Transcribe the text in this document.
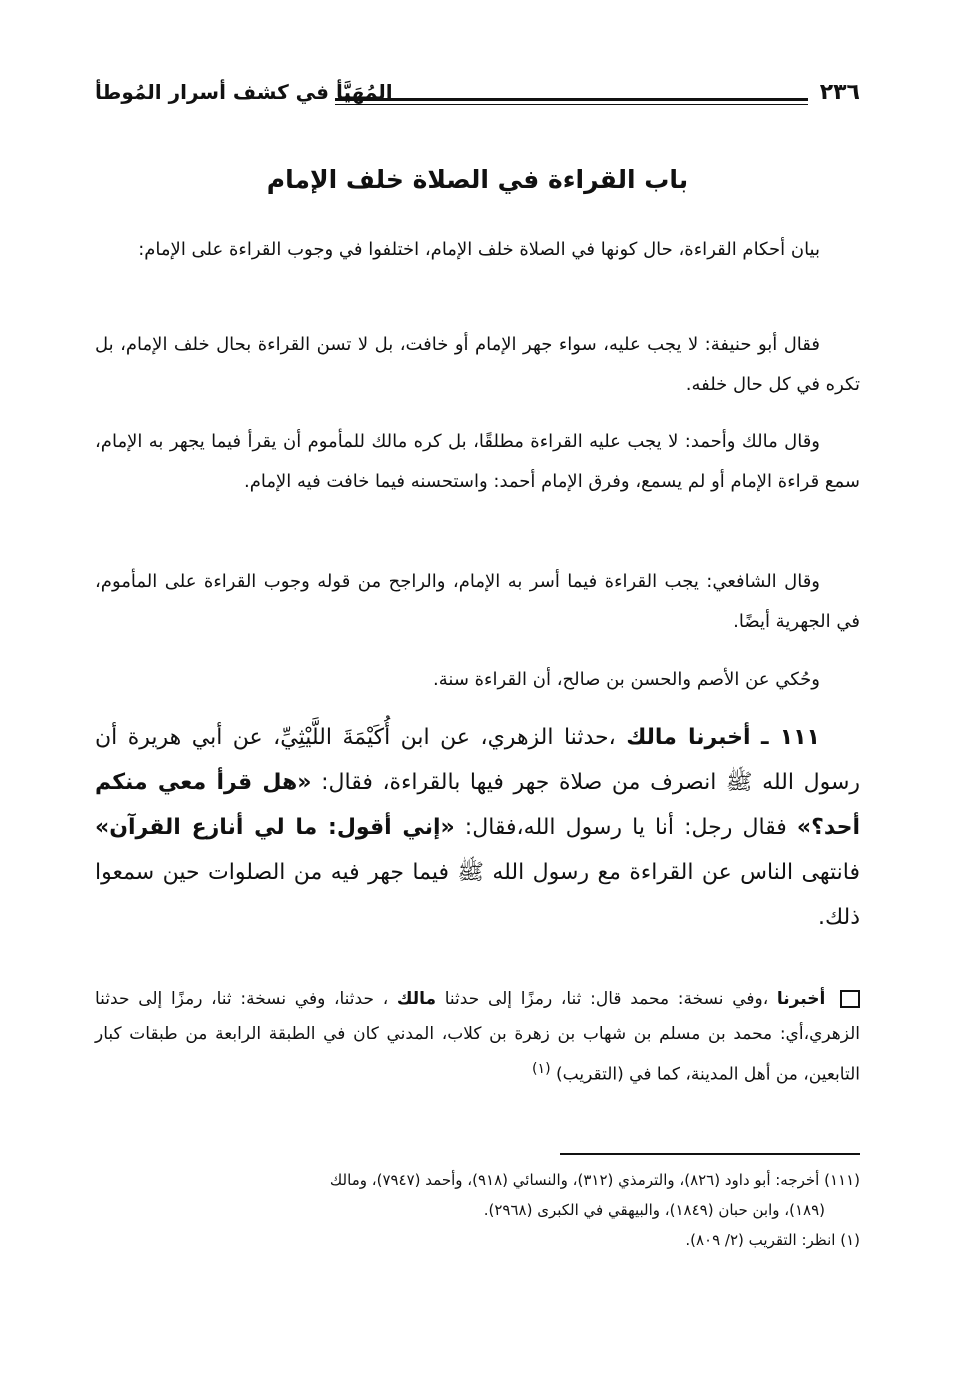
٢٣٦
المُهَيَّأ في كشف أسرار المُوطأ
باب القراءة في الصلاة خلف الإمام
بيان أحكام القراءة، حال كونها في الصلاة خلف الإمام، اختلفوا في وجوب القراءة على الإمام:
فقال أبو حنيفة: لا يجب عليه، سواء جهر الإمام أو خافت، بل لا تسن القراءة بحال خلف الإمام، بل تكره في كل حال خلفه.
وقال مالك وأحمد: لا يجب عليه القراءة مطلقًا، بل كره مالك للمأموم أن يقرأ فيما يجهر به الإمام، سمع قراءة الإمام أو لم يسمع، وفرق الإمام أحمد: واستحسنه فيما خافت فيه الإمام.
وقال الشافعي: يجب القراءة فيما أسر به الإمام، والراجح من قوله وجوب القراءة على المأموم، في الجهرية أيضًا.
وحُكي عن الأصم والحسن بن صالح، أن القراءة سنة.
١١١ ـ أخبرنا مالك ،حدثنا الزهري، عن ابن أُكَيْمَةَ اللَّيْثِيِّ، عن أبي هريرة أن رسول الله ﷺ انصرف من صلاة جهر فيها بالقراءة، فقال: «هل قرأ معي منكم أحد؟» فقال رجل: أنا يا رسول الله،فقال: «إني أقول: ما لي أنازع القرآن» فانتهى الناس عن القراءة مع رسول الله ﷺ فيما جهر فيه من الصلوات حين سمعوا ذلك.
أخبرنا ،وفي نسخة: محمد قال: ثنا، رمزًا إلى حدثنا مالك ، حدثنا، وفي نسخة: ثنا، رمزًا إلى حدثنا الزهري،أي: محمد بن مسلم بن شهاب بن زهرة بن كلاب، المدني كان في الطبقة الرابعة من طبقات كبار التابعين، من أهل المدينة، كما في (التقريب) $^{(١)}$
(١١١) أخرجه: أبو داود (٨٢٦)، والترمذي (٣١٢)، والنسائي (٩١٨)، وأحمد (٧٩٤٧)، ومالك
(١٨٩)، وابن حبان (١٨٤٩)، والبيهقي في الكبرى (٢٩٦٨).
(١) انظر: التقريب (٢/ ٨٠٩).
